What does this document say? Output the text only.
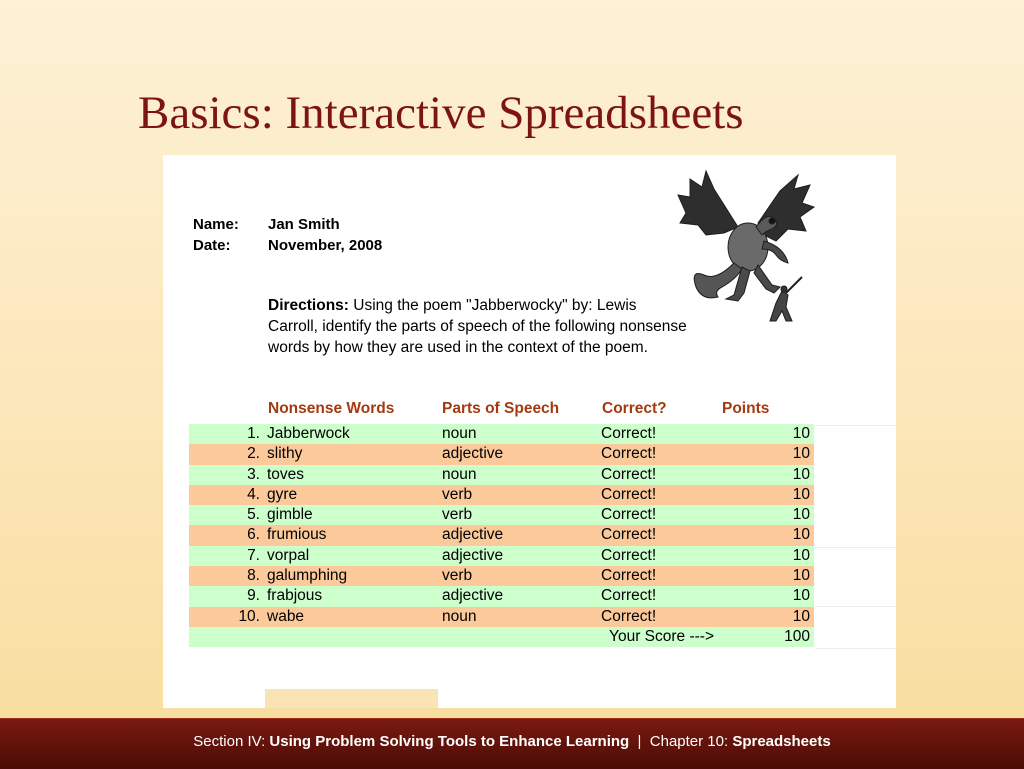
Basics: Interactive Spreadsheets
Name: Jan Smith
Date: November, 2008
Directions: Using the poem "Jabberwocky" by: Lewis Carroll, identify the parts of speech of the following nonsense words by how they are used in the context of the poem.
Nonsense Words	Parts of Speech	Correct?	Points
1. Jabberwock	noun	Correct!	10
2. slithy	adjective	Correct!	10
3. toves	noun	Correct!	10
4. gyre	verb	Correct!	10
5. gimble	verb	Correct!	10
6. frumious	adjective	Correct!	10
7. vorpal	adjective	Correct!	10
8. galumphing	verb	Correct!	10
9. frabjous	adjective	Correct!	10
10. wabe	noun	Correct!	10
Your Score --->	100
Section IV: Using Problem Solving Tools to Enhance Learning  |  Chapter 10: Spreadsheets
